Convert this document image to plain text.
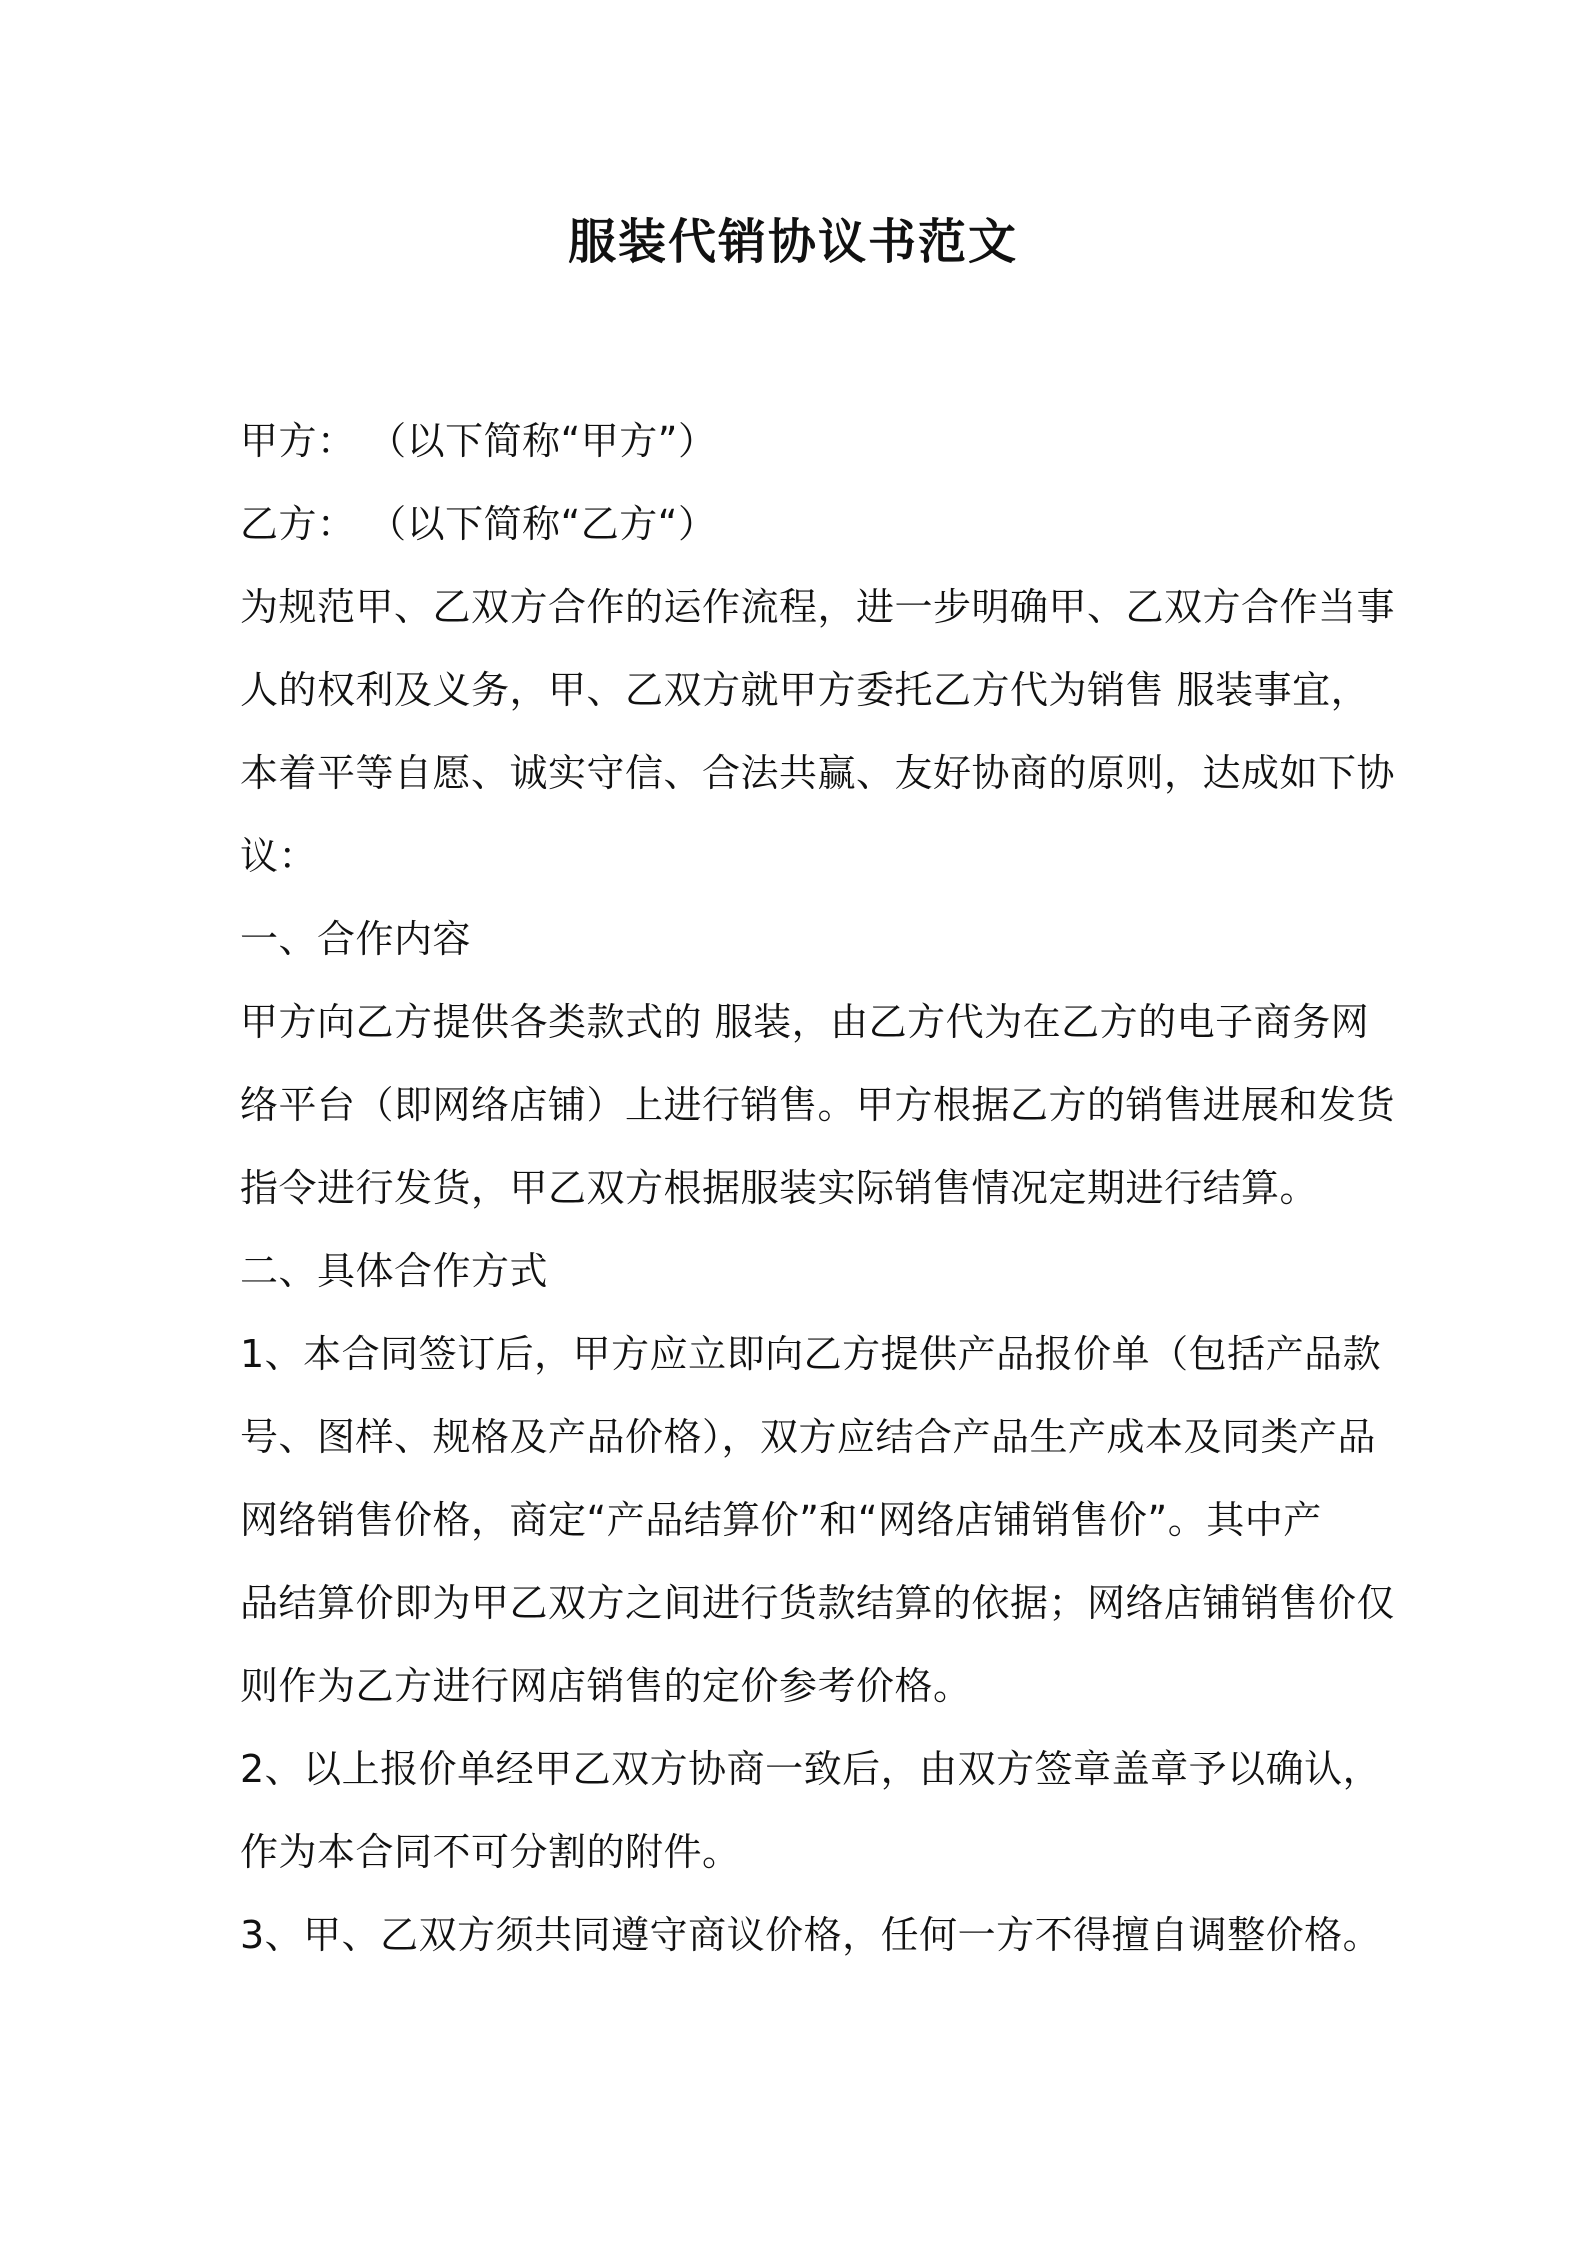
服装代销协议书范文
甲方： （以下简称“甲方”）
乙方： （以下简称“乙方“）
为规范甲、乙双方合作的运作流程，进一步明确甲、乙双方合作当事
人的权利及义务，甲、乙双方就甲方委托乙方代为销售 服装事宜，
本着平等自愿、诚实守信、合法共赢、友好协商的原则，达成如下协
议：
一、合作内容
甲方向乙方提供各类款式的 服装，由乙方代为在乙方的电子商务网
络平台（即网络店铺）上进行销售。甲方根据乙方的销售进展和发货
指令进行发货，甲乙双方根据服装实际销售情况定期进行结算。
二、具体合作方式
1、本合同签订后，甲方应立即向乙方提供产品报价单（包括产品款
号、图样、规格及产品价格），双方应结合产品生产成本及同类产品
网络销售价格，商定“产品结算价”和“网络店铺销售价”。其中产
品结算价即为甲乙双方之间进行货款结算的依据；网络店铺销售价仅
则作为乙方进行网店销售的定价参考价格。
2、以上报价单经甲乙双方协商一致后，由双方签章盖章予以确认，
作为本合同不可分割的附件。
3、甲、乙双方须共同遵守商议价格，任何一方不得擅自调整价格。
